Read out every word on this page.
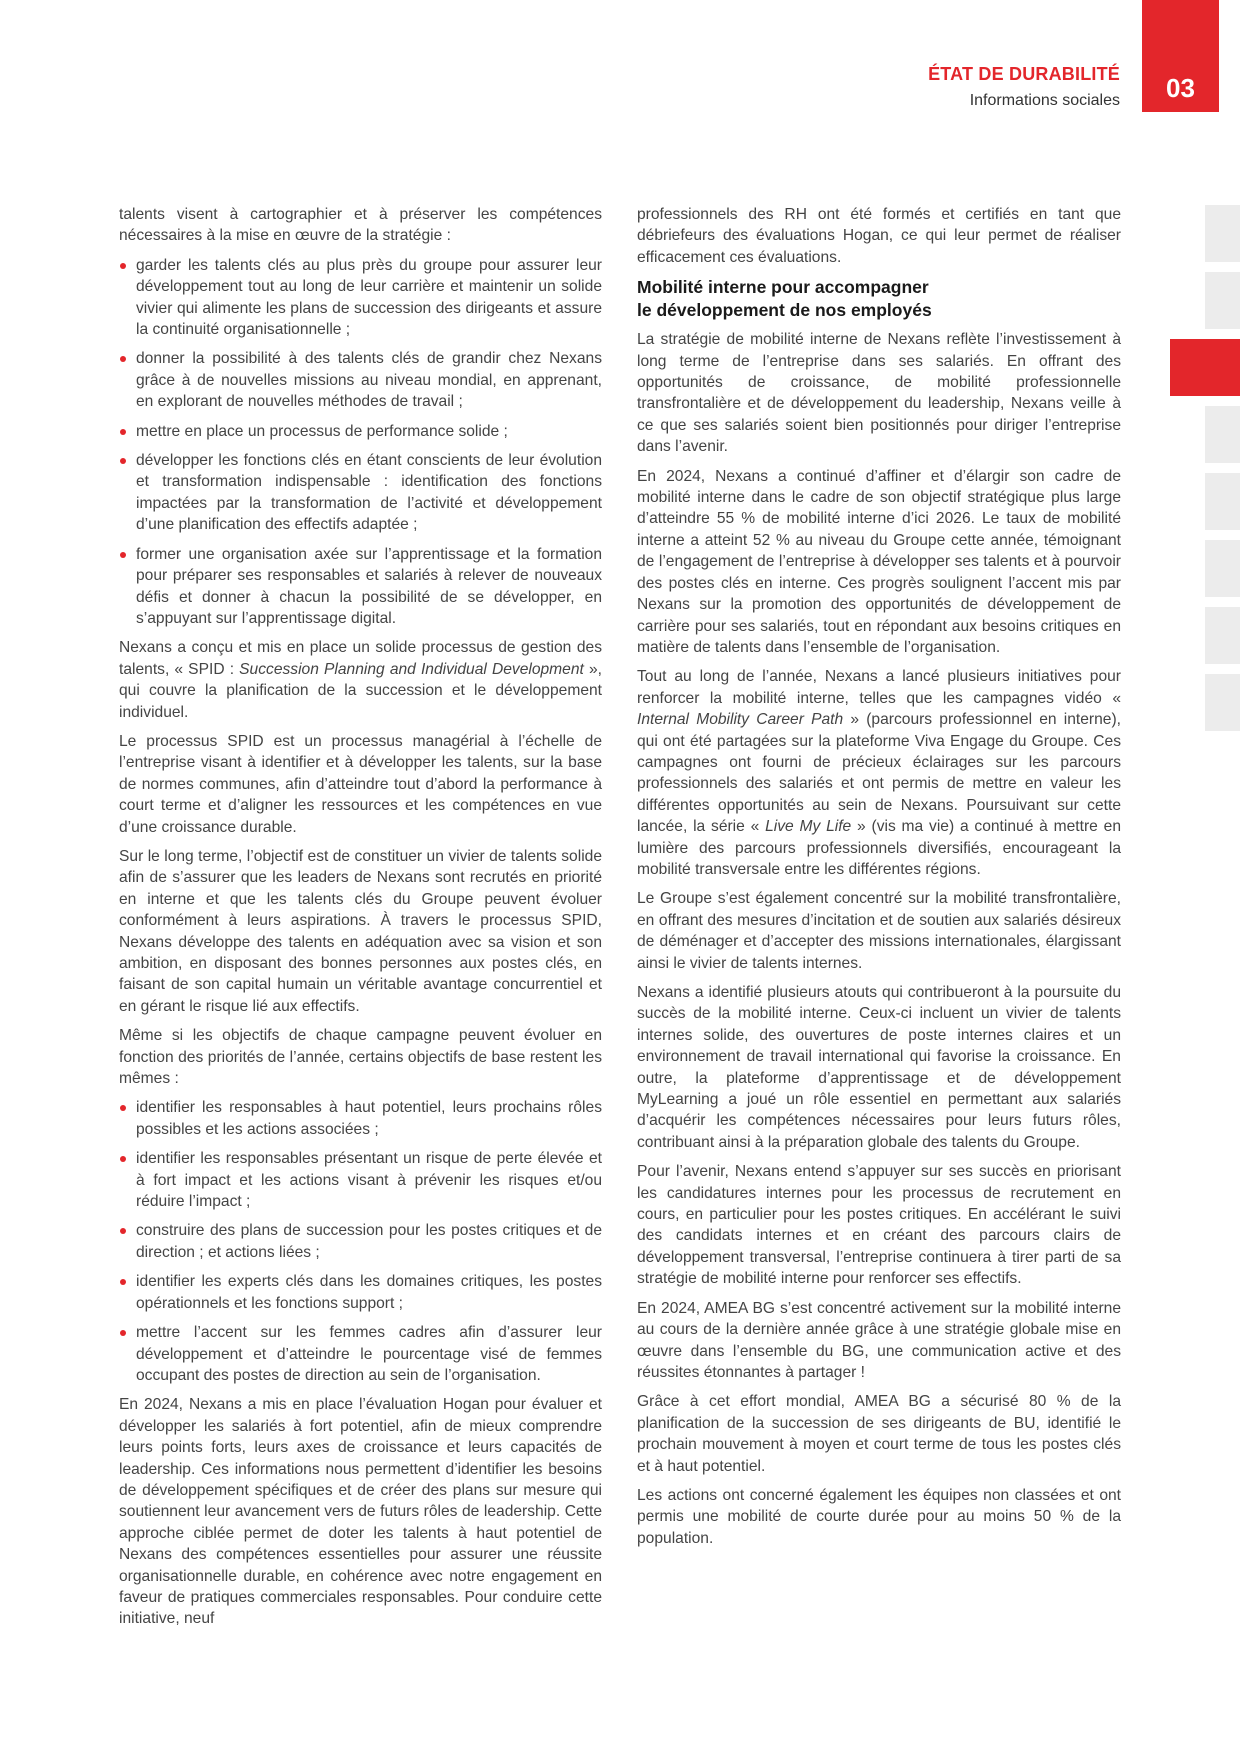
ÉTAT DE DURABILITÉ
Informations sociales	03

talents visent à cartographier et à préserver les compétences nécessaires à la mise en œuvre de la stratégie :

garder les talents clés au plus près du groupe pour assurer leur développement tout au long de leur carrière et maintenir un solide vivier qui alimente les plans de succession des dirigeants et assure la continuité organisationnelle ;
donner la possibilité à des talents clés de grandir chez Nexans grâce à de nouvelles missions au niveau mondial, en apprenant, en explorant de nouvelles méthodes de travail ;
mettre en place un processus de performance solide ;
développer les fonctions clés en étant conscients de leur évolution et transformation indispensable : identification des fonctions impactées par la transformation de l’activité et développement d’une planification des effectifs adaptée ;
former une organisation axée sur l’apprentissage et la formation pour préparer ses responsables et salariés à relever de nouveaux défis et donner à chacun la possibilité de se développer, en s’appuyant sur l’apprentissage digital.

Nexans a conçu et mis en place un solide processus de gestion des talents, « SPID : Succession Planning and Individual Development », qui couvre la planification de la succession et le développement individuel.

Le processus SPID est un processus managérial à l’échelle de l’entreprise visant à identifier et à développer les talents, sur la base de normes communes, afin d’atteindre tout d’abord la performance à court terme et d’aligner les ressources et les compétences en vue d’une croissance durable.

Sur le long terme, l’objectif est de constituer un vivier de talents solide afin de s’assurer que les leaders de Nexans sont recrutés en priorité en interne et que les talents clés du Groupe peuvent évoluer conformément à leurs aspirations. À travers le processus SPID, Nexans développe des talents en adéquation avec sa vision et son ambition, en disposant des bonnes personnes aux postes clés, en faisant de son capital humain un véritable avantage concurrentiel et en gérant le risque lié aux effectifs.

Même si les objectifs de chaque campagne peuvent évoluer en fonction des priorités de l’année, certains objectifs de base restent les mêmes :

identifier les responsables à haut potentiel, leurs prochains rôles possibles et les actions associées ;
identifier les responsables présentant un risque de perte élevée et à fort impact et les actions visant à prévenir les risques et/ou réduire l’impact ;
construire des plans de succession pour les postes critiques et de direction ; et actions liées ;
identifier les experts clés dans les domaines critiques, les postes opérationnels et les fonctions support ;
mettre l’accent sur les femmes cadres afin d’assurer leur développement et d’atteindre le pourcentage visé de femmes occupant des postes de direction au sein de l’organisation.

En 2024, Nexans a mis en place l’évaluation Hogan pour évaluer et développer les salariés à fort potentiel, afin de mieux comprendre leurs points forts, leurs axes de croissance et leurs capacités de leadership. Ces informations nous permettent d’identifier les besoins de développement spécifiques et de créer des plans sur mesure qui soutiennent leur avancement vers de futurs rôles de leadership. Cette approche ciblée permet de doter les talents à haut potentiel de Nexans des compétences essentielles pour assurer une réussite organisationnelle durable, en cohérence avec notre engagement en faveur de pratiques commerciales responsables. Pour conduire cette initiative, neuf

professionnels des RH ont été formés et certifiés en tant que débriefeurs des évaluations Hogan, ce qui leur permet de réaliser efficacement ces évaluations.

Mobilité interne pour accompagner
le développement de nos employés

La stratégie de mobilité interne de Nexans reflète l’investissement à long terme de l’entreprise dans ses salariés. En offrant des opportunités de croissance, de mobilité professionnelle transfrontalière et de développement du leadership, Nexans veille à ce que ses salariés soient bien positionnés pour diriger l’entreprise dans l’avenir.

En 2024, Nexans a continué d’affiner et d’élargir son cadre de mobilité interne dans le cadre de son objectif stratégique plus large d’atteindre 55 % de mobilité interne d’ici 2026. Le taux de mobilité interne a atteint 52 % au niveau du Groupe cette année, témoignant de l’engagement de l’entreprise à développer ses talents et à pourvoir des postes clés en interne. Ces progrès soulignent l’accent mis par Nexans sur la promotion des opportunités de développement de carrière pour ses salariés, tout en répondant aux besoins critiques en matière de talents dans l’ensemble de l’organisation.

Tout au long de l’année, Nexans a lancé plusieurs initiatives pour renforcer la mobilité interne, telles que les campagnes vidéo « Internal Mobility Career Path » (parcours professionnel en interne), qui ont été partagées sur la plateforme Viva Engage du Groupe. Ces campagnes ont fourni de précieux éclairages sur les parcours professionnels des salariés et ont permis de mettre en valeur les différentes opportunités au sein de Nexans. Poursuivant sur cette lancée, la série « Live My Life » (vis ma vie) a continué à mettre en lumière des parcours professionnels diversifiés, encourageant la mobilité transversale entre les différentes régions.

Le Groupe s’est également concentré sur la mobilité transfrontalière, en offrant des mesures d’incitation et de soutien aux salariés désireux de déménager et d’accepter des missions internationales, élargissant ainsi le vivier de talents internes.

Nexans a identifié plusieurs atouts qui contribueront à la poursuite du succès de la mobilité interne. Ceux-ci incluent un vivier de talents internes solide, des ouvertures de poste internes claires et un environnement de travail international qui favorise la croissance. En outre, la plateforme d’apprentissage et de développement MyLearning a joué un rôle essentiel en permettant aux salariés d’acquérir les compétences nécessaires pour leurs futurs rôles, contribuant ainsi à la préparation globale des talents du Groupe.

Pour l’avenir, Nexans entend s’appuyer sur ses succès en priorisant les candidatures internes pour les processus de recrutement en cours, en particulier pour les postes critiques. En accélérant le suivi des candidats internes et en créant des parcours clairs de développement transversal, l’entreprise continuera à tirer parti de sa stratégie de mobilité interne pour renforcer ses effectifs.

En 2024, AMEA BG s’est concentré activement sur la mobilité interne au cours de la dernière année grâce à une stratégie globale mise en œuvre dans l’ensemble du BG, une communication active et des réussites étonnantes à partager !

Grâce à cet effort mondial, AMEA BG a sécurisé 80 % de la planification de la succession de ses dirigeants de BU, identifié le prochain mouvement à moyen et court terme de tous les postes clés et à haut potentiel.

Les actions ont concerné également les équipes non classées et ont permis une mobilité de courte durée pour au moins 50 % de la population.
